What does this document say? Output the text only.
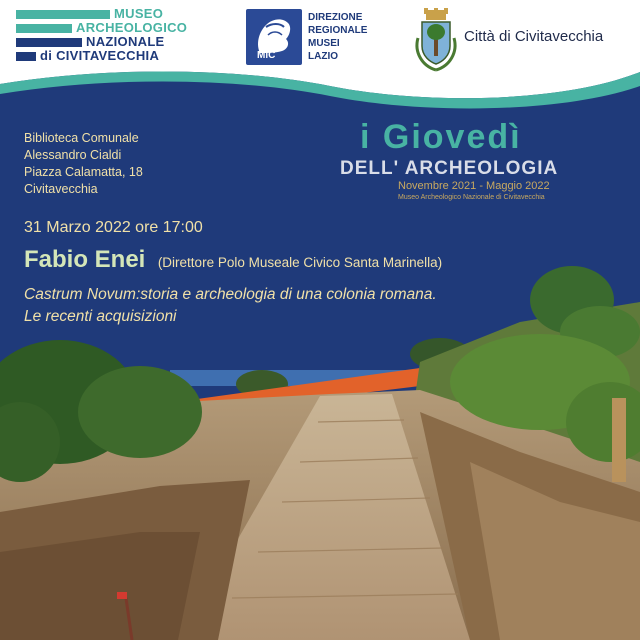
MUSEO
ARCHEOLOGICO
NAZIONALE
di CIVITAVECCHIA	MiC
DIREZIONE
REGIONALE
MUSEI
LAZIO
Città di Civitavecchia
Biblioteca Comunale
Alessandro Cialdi
Piazza Calamatta, 18
Civitavecchia
i Giovedì
DELL' ARCHEOLOGIA
Novembre 2021 - Maggio 2022
Museo Archeologico Nazionale di Civitavecchia
31 Marzo 2022 ore 17:00
Fabio Enei (Direttore Polo Museale Civico Santa Marinella)
Castrum Novum:storia e archeologia di una colonia romana.
Le recenti acquisizioni
